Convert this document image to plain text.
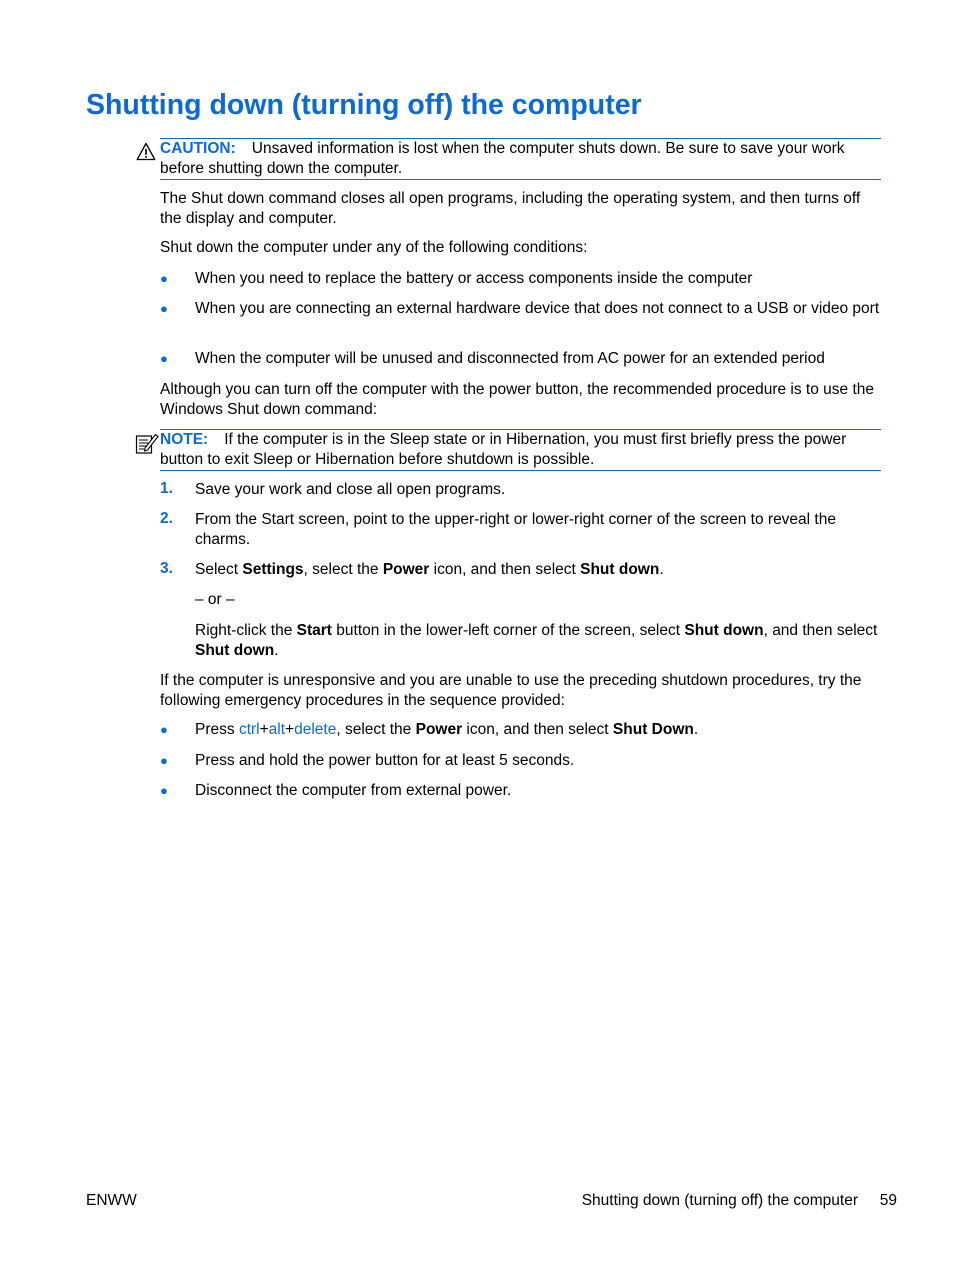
Shutting down (turning off) the computer
CAUTION: Unsaved information is lost when the computer shuts down. Be sure to save your work before shutting down the computer.
The Shut down command closes all open programs, including the operating system, and then turns off the display and computer.
Shut down the computer under any of the following conditions:
● When you need to replace the battery or access components inside the computer
● When you are connecting an external hardware device that does not connect to a USB or video port
● When the computer will be unused and disconnected from AC power for an extended period
Although you can turn off the computer with the power button, the recommended procedure is to use the Windows Shut down command:
NOTE: If the computer is in the Sleep state or in Hibernation, you must first briefly press the power button to exit Sleep or Hibernation before shutdown is possible.
1. Save your work and close all open programs.
2. From the Start screen, point to the upper-right or lower-right corner of the screen to reveal the charms.
3. Select Settings, select the Power icon, and then select Shut down.
– or –
Right-click the Start button in the lower-left corner of the screen, select Shut down, and then select Shut down.
If the computer is unresponsive and you are unable to use the preceding shutdown procedures, try the following emergency procedures in the sequence provided:
● Press ctrl+alt+delete, select the Power icon, and then select Shut Down.
● Press and hold the power button for at least 5 seconds.
● Disconnect the computer from external power.
ENWW	Shutting down (turning off) the computer 59
